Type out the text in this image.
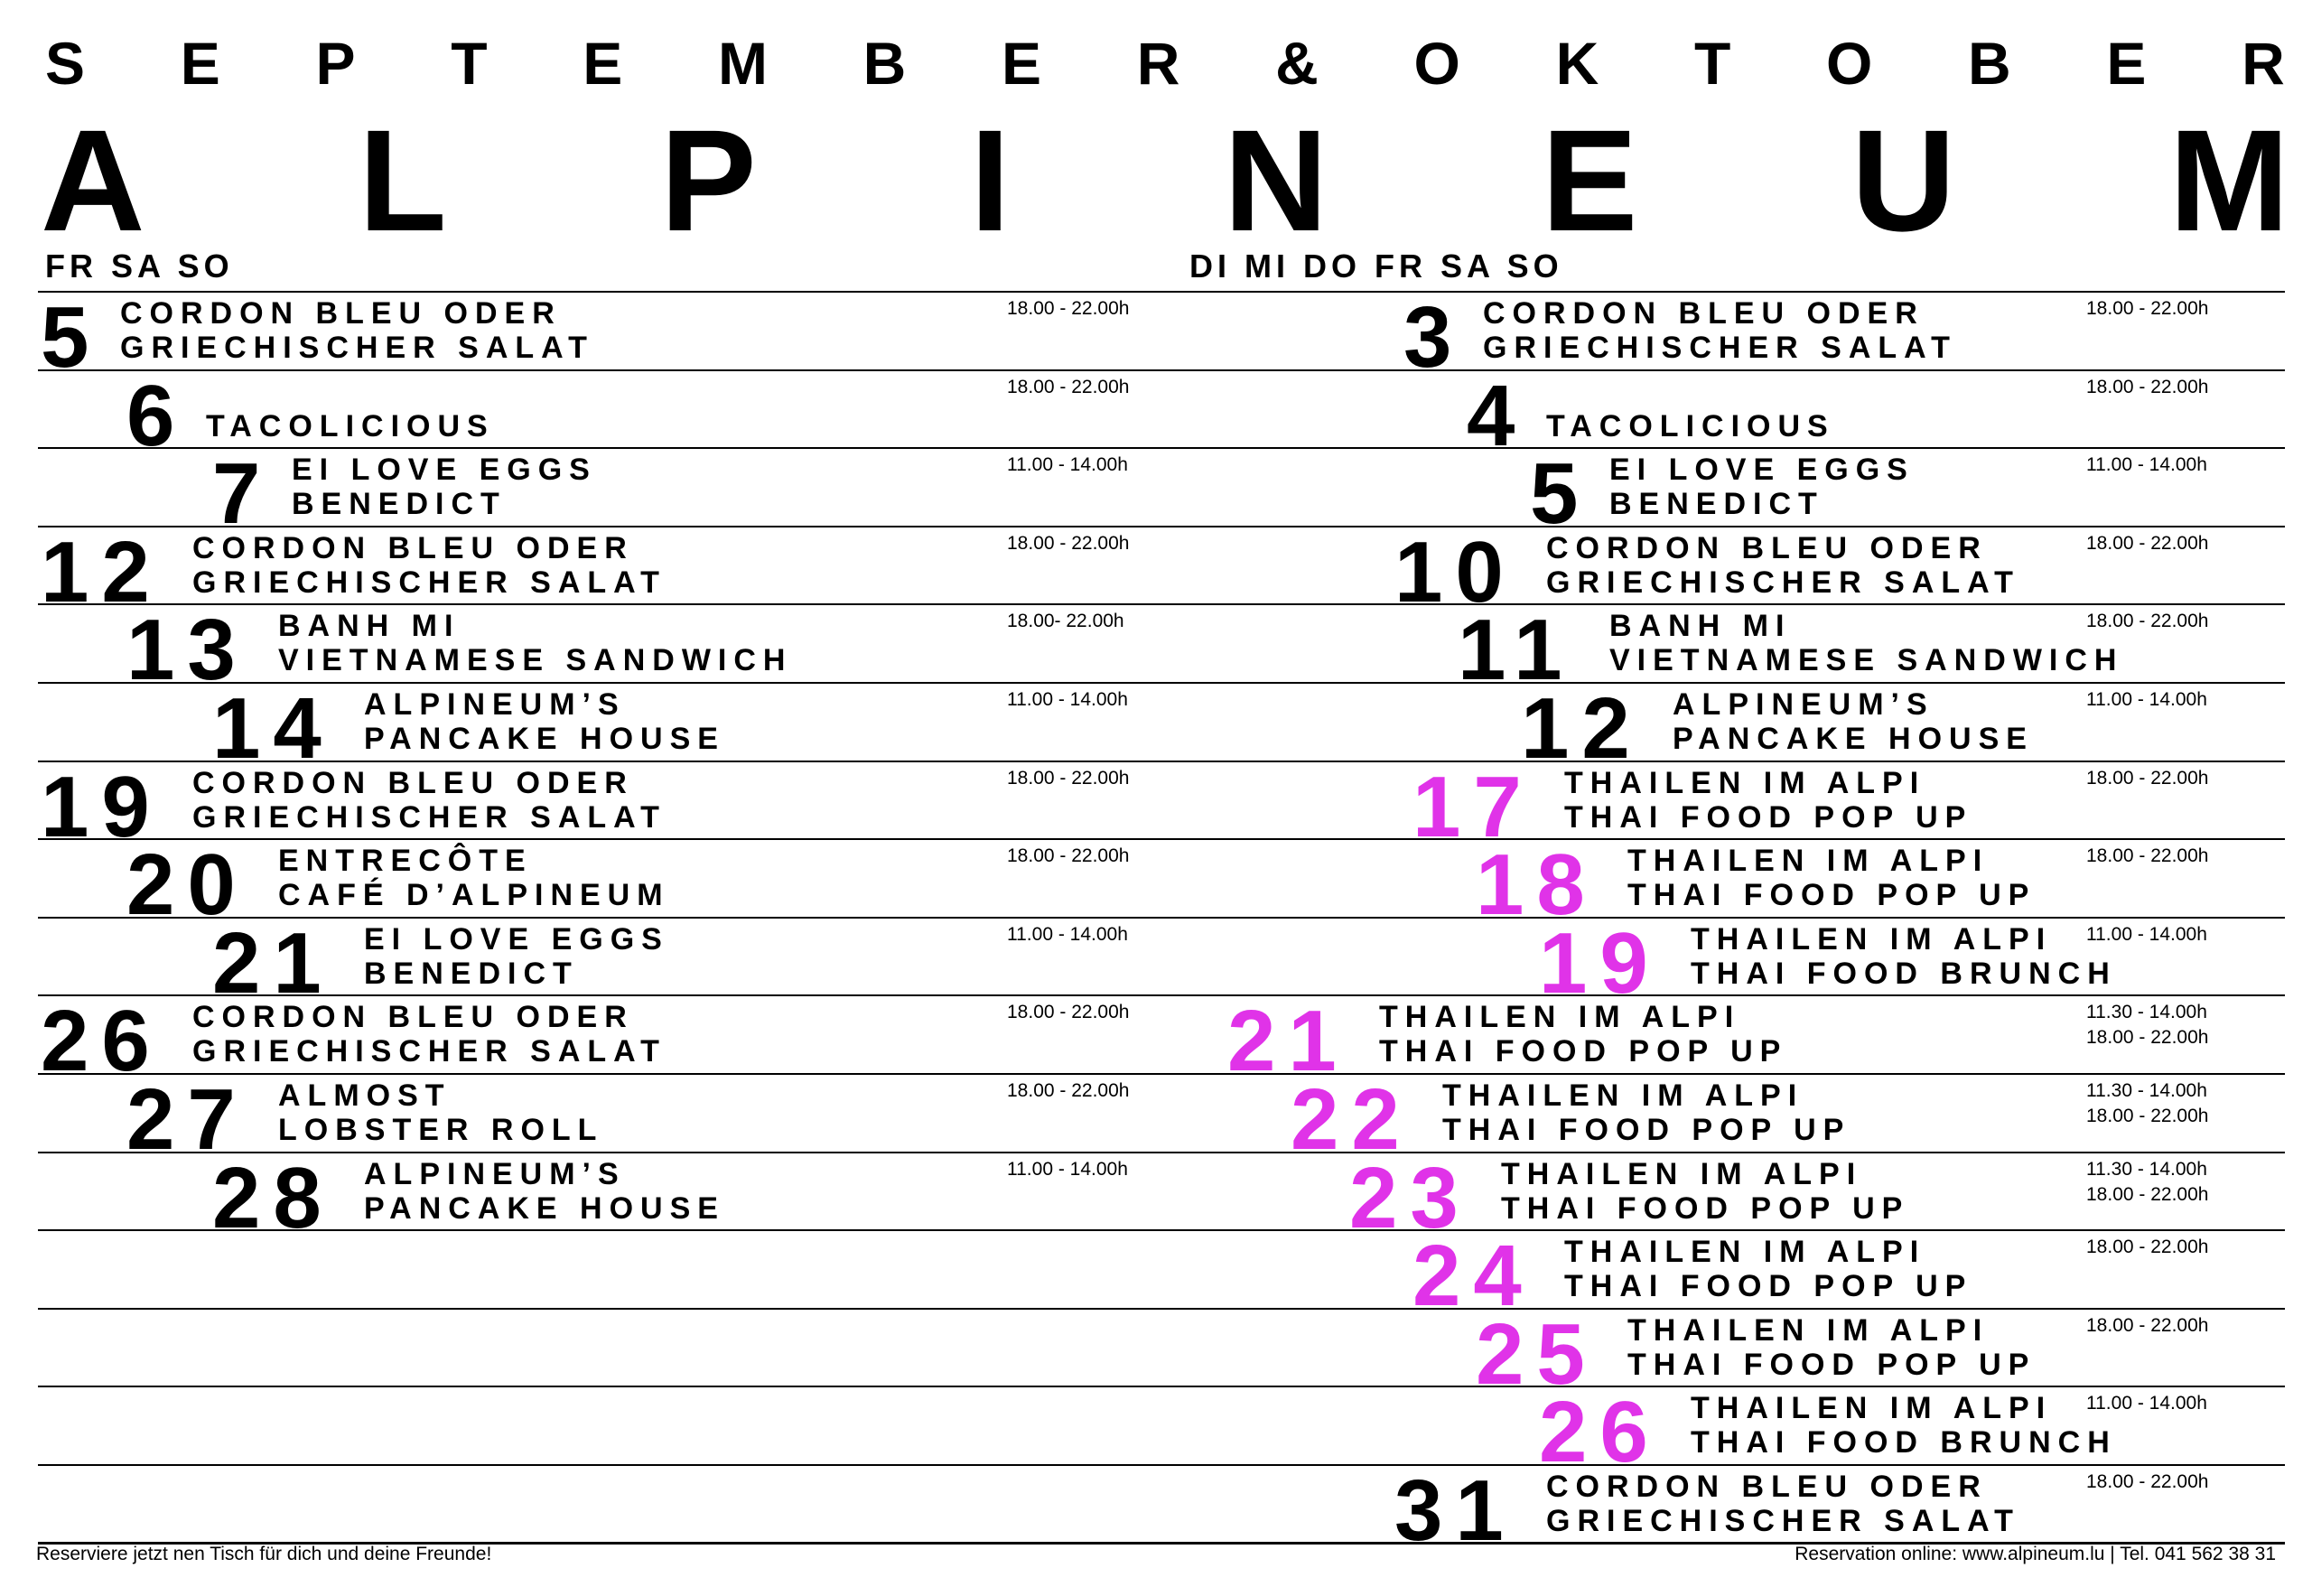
S E P T E M B E R & O K T O B E R
A L P I N E U M
FR SA SO	DI MI DO FR SA SO
5 CORDON BLEU ODER
GRIECHISCHER SALAT
18.00 - 22.00h
6 TACOLICIOUS
18.00 - 22.00h
7 EI LOVE EGGS
BENEDICT
11.00 - 14.00h
12 CORDON BLEU ODER
GRIECHISCHER SALAT
18.00 - 22.00h
13 BANH MI
VIETNAMESE SANDWICH
18.00- 22.00h
14 ALPINEUM’S
PANCAKE HOUSE
11.00 - 14.00h
19 CORDON BLEU ODER
GRIECHISCHER SALAT
18.00 - 22.00h
20 ENTRECÔTE
CAFÉ D’ALPINEUM
18.00 - 22.00h
21 EI LOVE EGGS
BENEDICT
11.00 - 14.00h
26 CORDON BLEU ODER
GRIECHISCHER SALAT
18.00 - 22.00h
27 ALMOST
LOBSTER ROLL
18.00 - 22.00h
28 ALPINEUM’S
PANCAKE HOUSE
11.00 - 14.00h
3 CORDON BLEU ODER
GRIECHISCHER SALAT
18.00 - 22.00h
4 TACOLICIOUS
18.00 - 22.00h
5 EI LOVE EGGS
BENEDICT
11.00 - 14.00h
10 CORDON BLEU ODER
GRIECHISCHER SALAT
18.00 - 22.00h
11 BANH MI
VIETNAMESE SANDWICH
18.00 - 22.00h
12 ALPINEUM’S
PANCAKE HOUSE
11.00 - 14.00h
17 THAILEN IM ALPI
THAI FOOD POP UP
18.00 - 22.00h
18 THAILEN IM ALPI
THAI FOOD POP UP
18.00 - 22.00h
19 THAILEN IM ALPI
THAI FOOD BRUNCH
11.00 - 14.00h
21 THAILEN IM ALPI
THAI FOOD POP UP
11.30 - 14.00h
18.00 - 22.00h
22 THAILEN IM ALPI
THAI FOOD POP UP
11.30 - 14.00h
18.00 - 22.00h
23 THAILEN IM ALPI
THAI FOOD POP UP
11.30 - 14.00h
18.00 - 22.00h
24 THAILEN IM ALPI
THAI FOOD POP UP
18.00 - 22.00h
25 THAILEN IM ALPI
THAI FOOD POP UP
18.00 - 22.00h
26 THAILEN IM ALPI
THAI FOOD BRUNCH
11.00 - 14.00h
31 CORDON BLEU ODER
GRIECHISCHER SALAT
18.00 - 22.00h
Reserviere jetzt nen Tisch für dich und deine Freunde!	Reservation online: www.alpineum.lu | Tel. 041 562 38 31
